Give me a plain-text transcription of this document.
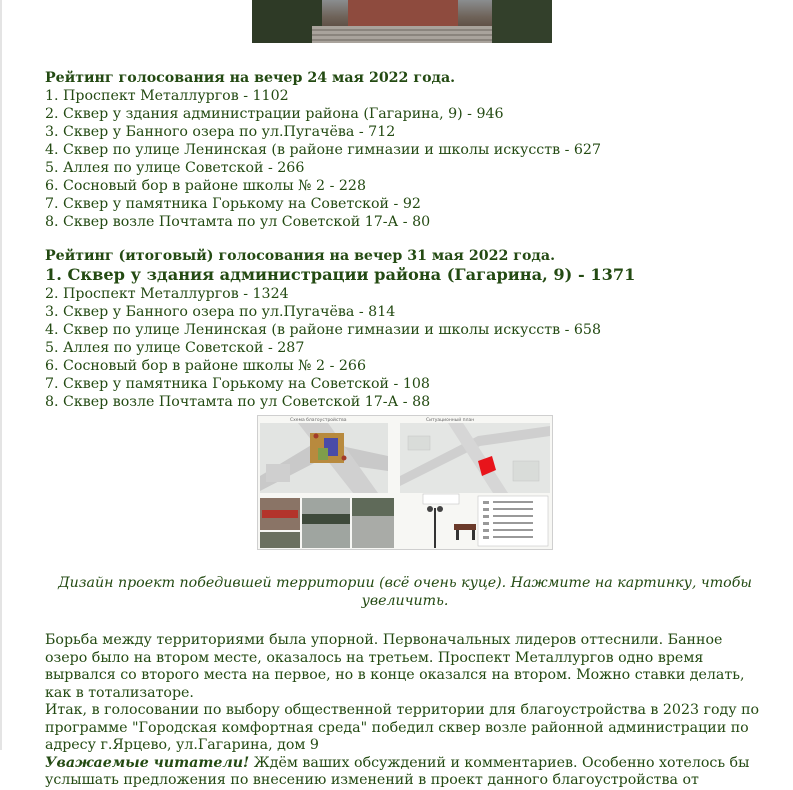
Рейтинг голосования на вечер 24 мая 2022 года.

1. Проспект Металлургов - 1102
2. Сквер у здания администрации района (Гагарина, 9) - 946
3. Сквер у Банного озера по ул.Пугачёва - 712
4. Сквер по улице Ленинская (в районе гимназии и школы искусств - 627
5. Аллея по улице Советской - 266
6. Сосновый бор в районе школы № 2 - 228
7. Сквер у памятника Горькому на Советской - 92
8. Сквер возле Почтамта по ул Советской 17-А - 80

Рейтинг (итоговый) голосования на вечер 31 мая 2022 года.

1. Сквер у здания администрации района (Гагарина, 9) - 1371
2. Проспект Металлургов - 1324
3. Сквер у Банного озера по ул.Пугачёва - 814
4. Сквер по улице Ленинская (в районе гимназии и школы искусств - 658
5. Аллея по улице Советской - 287
6. Сосновый бор в районе школы № 2 - 266
7. Сквер у памятника Горькому на Советской - 108
8. Сквер возле Почтамта по ул Советской 17-А - 88
Схема благоустройства	Ситуационный план
Дизайн проект победившей территории (всё очень куце). Нажмите на картинку, чтобы увеличить.

Борьба между территориями была упорной. Первоначальных лидеров оттеснили. Банное озеро было на втором месте, оказалось на третьем. Проспект Металлургов одно время вырвался со второго места на первое, но в конце оказался на втором. Можно ставки делать, как в тотализаторе.

Итак, в голосовании по выбору общественной территории для благоустройства в 2023 году по программе "Городская комфортная среда" победил сквер возле районной администрации по адресу г.Ярцево, ул.Гагарина, дом 9

Уважаемые читатели! Ждём ваших обсуждений и комментариев. Особенно хотелось бы услышать предложения по внесению изменений в проект данного благоустройства от
